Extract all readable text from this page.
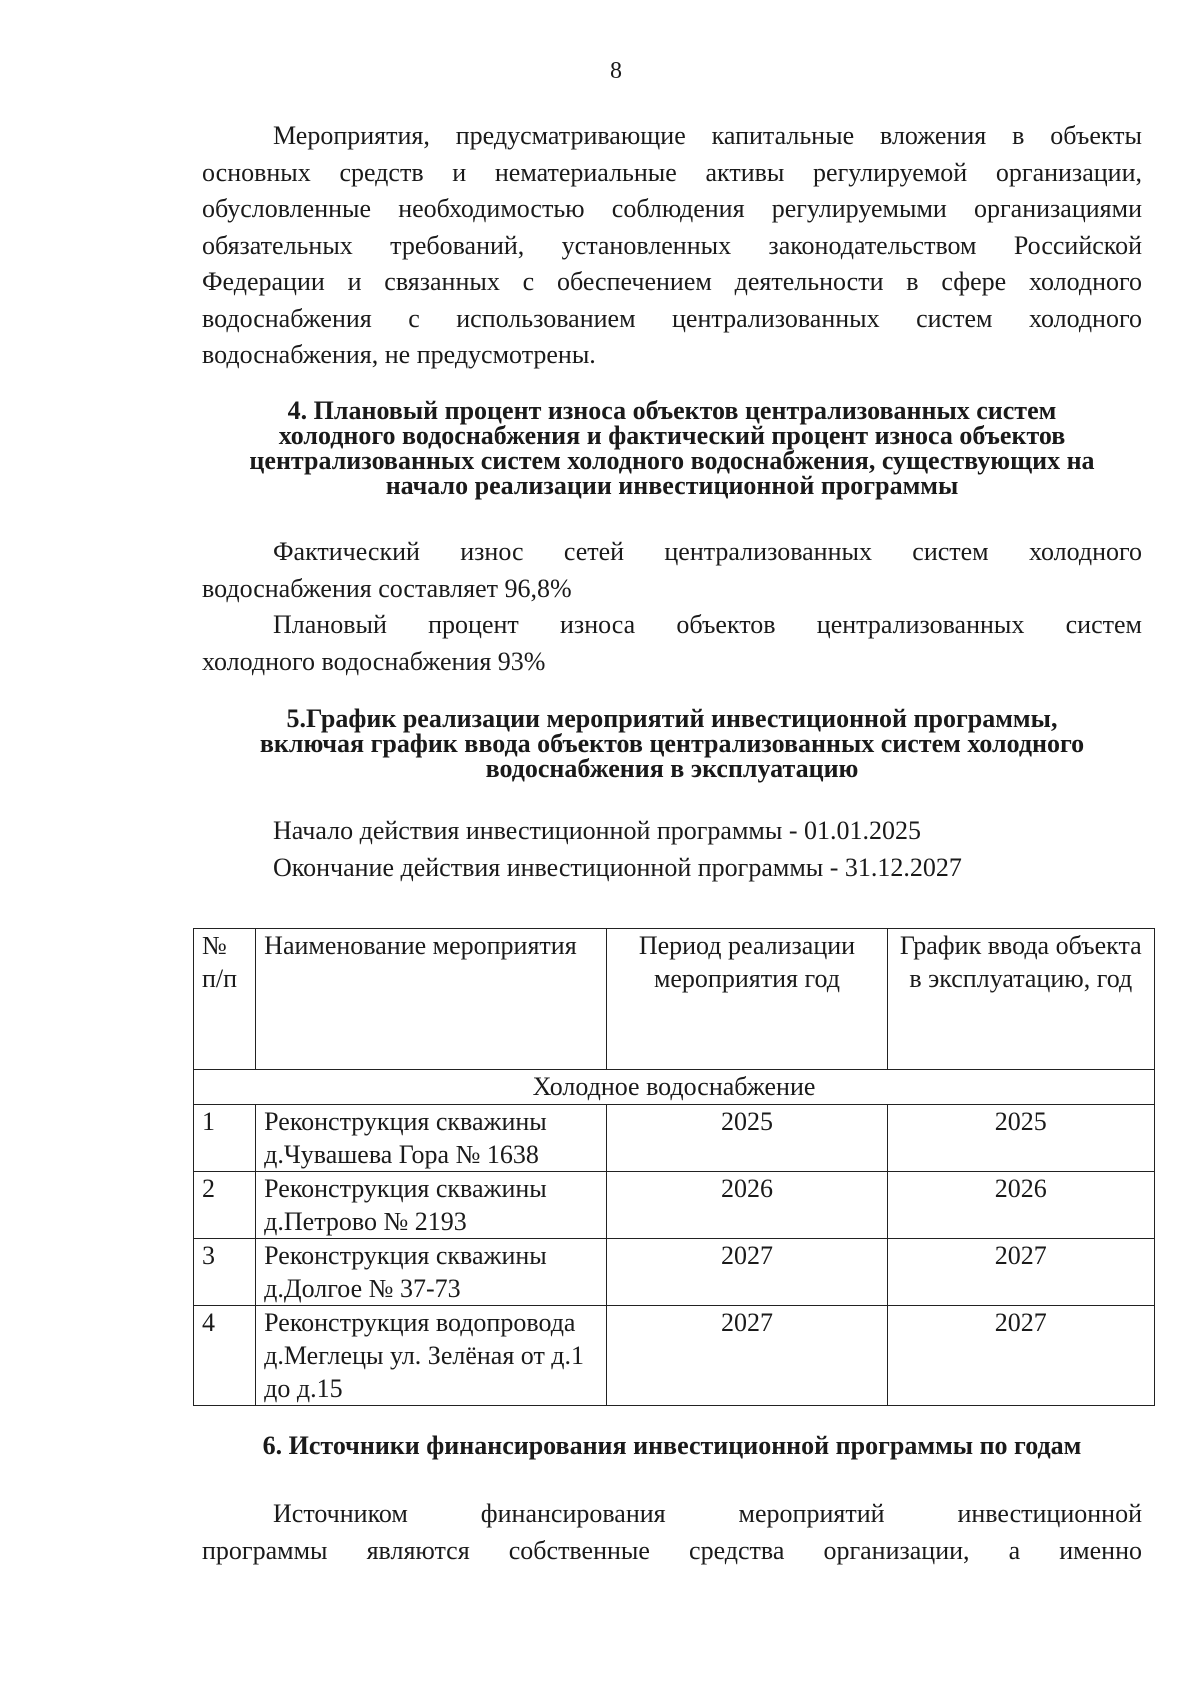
8

Мероприятия, предусматривающие капитальные вложения в объекты основных средств и нематериальные активы регулируемой организации, обусловленные необходимостью соблюдения регулируемыми организациями обязательных требований, установленных законодательством Российской Федерации и связанных с обеспечением деятельности в сфере холодного водоснабжения с использованием централизованных систем холодного водоснабжения, не предусмотрены.

4. Плановый процент износа объектов централизованных систем
холодного водоснабжения и фактический процент износа объектов
централизованных систем холодного водоснабжения, существующих на
начало реализации инвестиционной программы

Фактический износ сетей централизованных систем холодного

водоснабжения составляет 96,8%

Плановый процент износа объектов централизованных систем

холодного водоснабжения 93%

5.График реализации мероприятий инвестиционной программы,
включая график ввода объектов централизованных систем холодного
водоснабжения в эксплуатацию
Начало действия инвестиционной программы - 01.01.2025
Окончание действия инвестиционной программы - 31.12.2027
№ п/п	Наименование мероприятия	Период реализации мероприятия год	График ввода объекта в эксплуатацию, год
Холодное водоснабжение			
1	Реконструкция скважины д.Чувашева Гора № 1638	2025	2025
2	Реконструкция скважины д.Петрово № 2193	2026	2026
3	Реконструкция скважины д.Долгое № 37-73	2027	2027
4	Реконструкция водопровода д.Меглецы ул. Зелёная от д.1 до д.15	2027	2027
6. Источники финансирования инвестиционной программы по годам

Источником финансирования мероприятий инвестиционной

программы являются собственные средства организации, а именно
